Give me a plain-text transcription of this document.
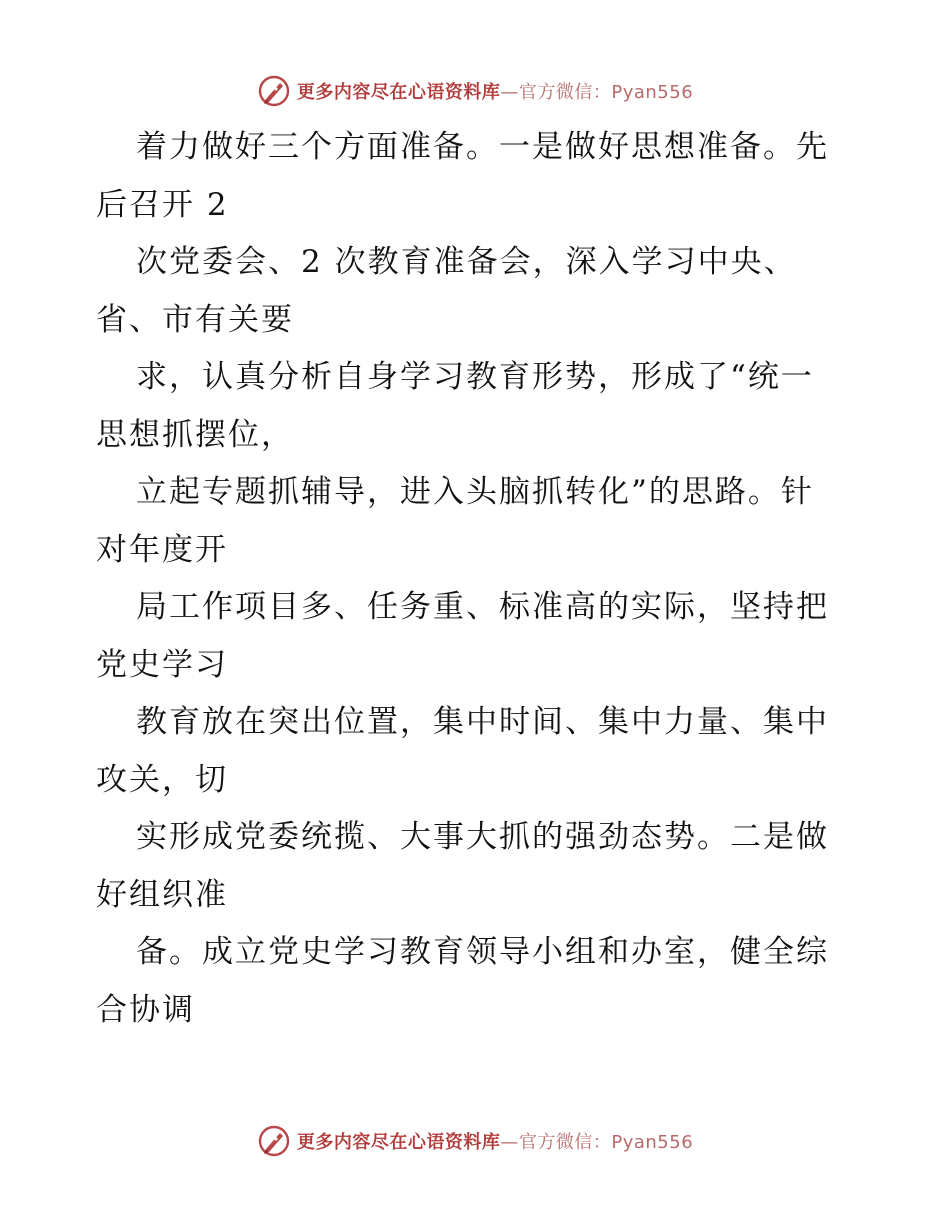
更多内容尽在心语资料库—官方微信：Pyan556
着力做好三个方面准备。一是做好思想准备。先
后召开 2
次党委会、2 次教育准备会，深入学习中央、
省、市有关要
求，认真分析自身学习教育形势，形成了“统一
思想抓摆位，
立起专题抓辅导，进入头脑抓转化”的思路。针
对年度开
局工作项目多、任务重、标准高的实际，坚持把
党史学习
教育放在突出位置，集中时间、集中力量、集中
攻关，切
实形成党委统揽、大事大抓的强劲态势。二是做
好组织准
备。成立党史学习教育领导小组和办室，健全综
合协调
更多内容尽在心语资料库—官方微信：Pyan556
